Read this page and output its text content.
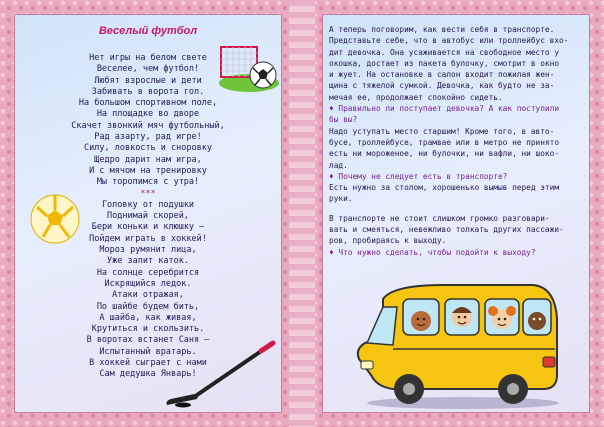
Веселый футбол
Нет игры на белом свете
Веселее, чем футбол!
Любят взрослые и дети
Забивать в ворота гол.
На большом спортивном поле,
На площадке во дворе
Скачет звонкий мяч футбольный,
Рад азарту, рад игре!
Силу, ловкость и сноровку
Щедро дарит нам игра,
И с мячом на тренировку
Мы торопимся с утра!
***
Головку от подушки
Поднимай скорей,
Бери коньки и клюшку –
Пойдем играть в хоккей!
Мороз румянит лица,
Уже запит каток.
На солнце серебрится
Искрящийся ледок.
Атаки отражая,
По шайбе будем бить,
А шайба, как живая,
Крутиться и скользить.
В воротах встанет Саня –
Испытанный вратарь.
В хоккей сыграет с нами
Сам дедушка Январь!

А теперь поговорим, как вести себя в транспорте.

Представьте себе, что в автобус или троллейбус вхо-

дит девочка. Она усаживается на свободное место у

окошка, достает из пакета булочку, смотрит в окно

и жует. На остановке в салон входит пожилая жен-

щина с тяжелой сумкой. Девочка, как будто не за-

мечая ее, продолжает спокойно сидеть.

♦ Правильно ли поступает девочка? А как поступили

бы вы?

Надо уступать место старшим! Кроме того, в авто-

бусе, троллейбусе, трамвае или в метро не принято

есть ни мороженое, ни булочки, ни вафли, ни шоко-

лад.

♦ Почему не следует есть в транспорте?

Есть нужно за столом, хорошенько вымыв перед этим

руки.

В транспорте не стоит слишком громко разговари-

вать и смеяться, невежливо толкать других пассажи-

ров, пробираясь к выходу.

♦ Что нужно сделать, чтобы подойти к выходу?
